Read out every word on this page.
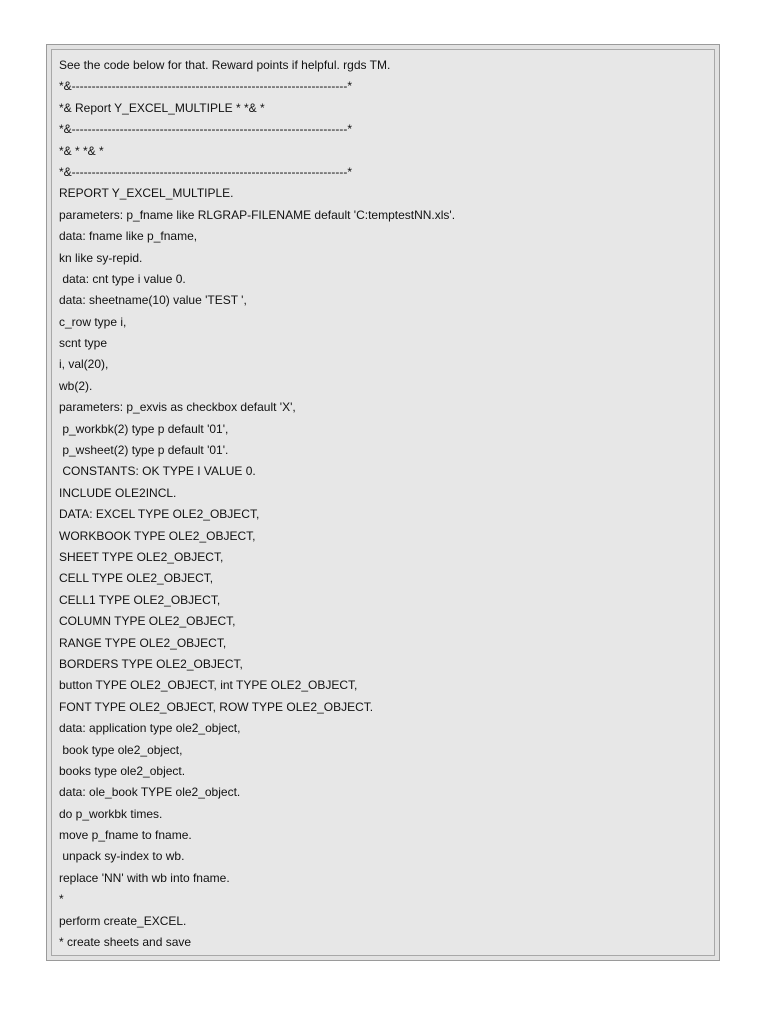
See the code below for that. Reward points if helpful. rgds TM.
*&---------------------------------------------------------------------*
*& Report Y_EXCEL_MULTIPLE * *& *
*&---------------------------------------------------------------------*
*& * *& *
*&---------------------------------------------------------------------*
REPORT Y_EXCEL_MULTIPLE.
parameters: p_fname like RLGRAP-FILENAME default 'C:temptestNN.xls'.
data: fname like p_fname,
kn like sy-repid.
data: cnt type i value 0.
data: sheetname(10) value 'TEST ',
c_row type i,
scnt type
i, val(20),
wb(2).
parameters: p_exvis as checkbox default 'X',
p_workbk(2) type p default '01',
p_wsheet(2) type p default '01'.
CONSTANTS: OK TYPE I VALUE 0.
INCLUDE OLE2INCL.
DATA: EXCEL TYPE OLE2_OBJECT,
WORKBOOK TYPE OLE2_OBJECT,
SHEET TYPE OLE2_OBJECT,
CELL TYPE OLE2_OBJECT,
CELL1 TYPE OLE2_OBJECT,
COLUMN TYPE OLE2_OBJECT,
RANGE TYPE OLE2_OBJECT,
BORDERS TYPE OLE2_OBJECT,
button TYPE OLE2_OBJECT, int TYPE OLE2_OBJECT,
FONT TYPE OLE2_OBJECT, ROW TYPE OLE2_OBJECT.
data: application type ole2_object,
book type ole2_object,
books type ole2_object.
data: ole_book TYPE ole2_object.
do p_workbk times.
move p_fname to fname.
unpack sy-index to wb.
replace 'NN' with wb into fname.
*
perform create_EXCEL.
* create sheets and save
